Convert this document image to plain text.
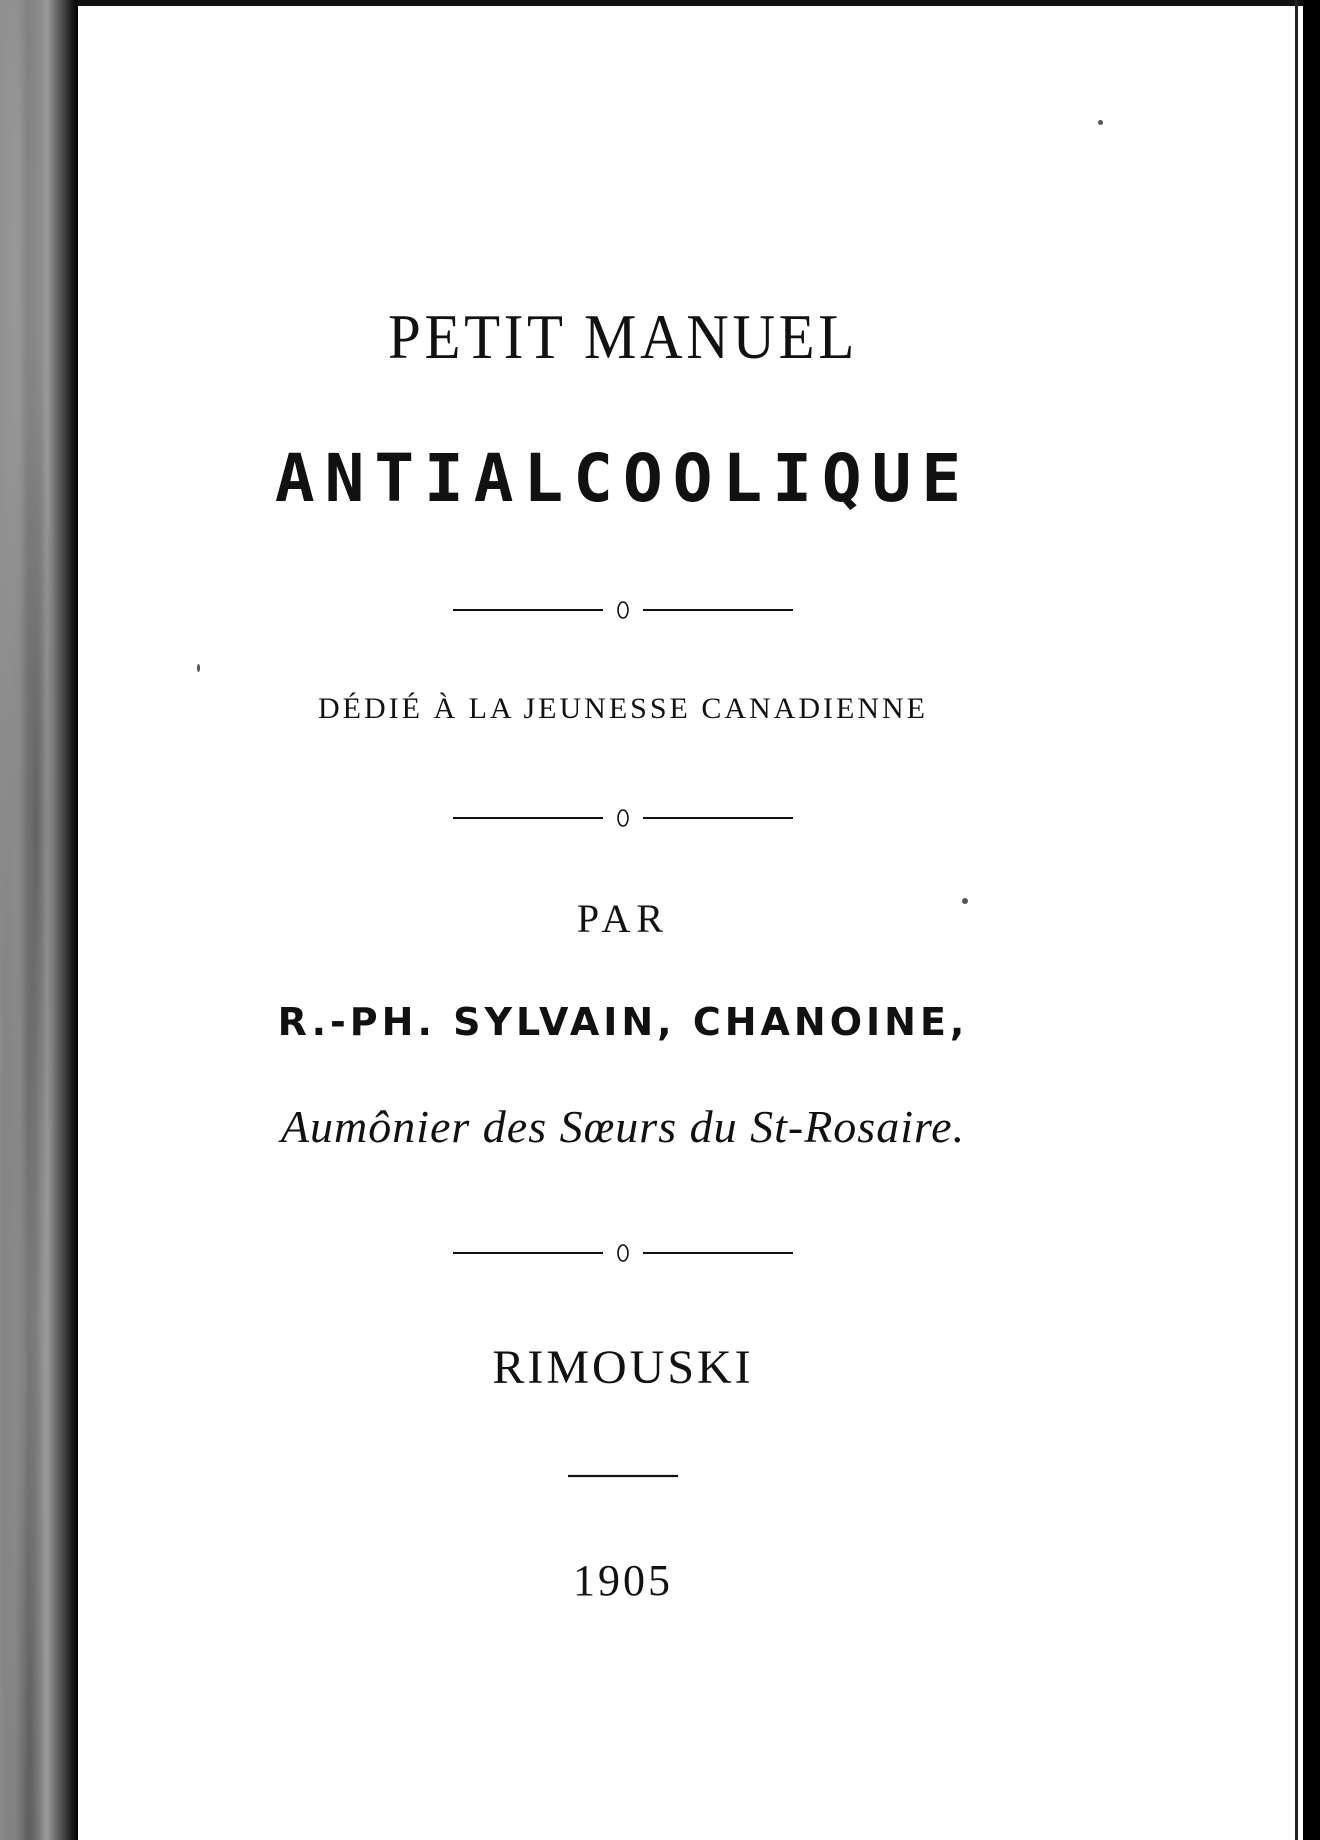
PETIT MANUEL
ANTIALCOOLIQUE
DÉDIÉ À LA JEUNESSE CANADIENNE
PAR
R.-PH. SYLVAIN, CHANOINE,
Aumônier des Sœurs du St-Rosaire.
RIMOUSKI
1905
